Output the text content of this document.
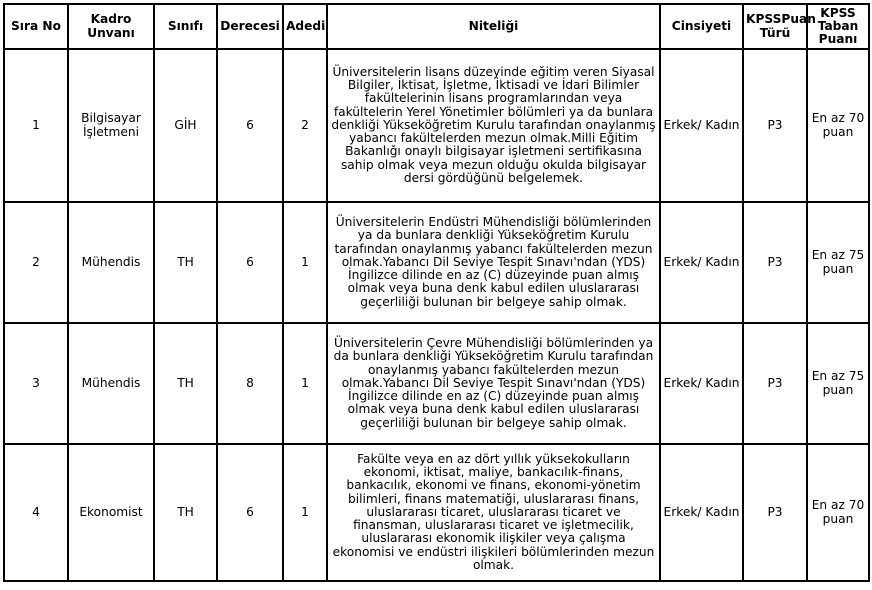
Sıra No	Kadro Unvanı	Sınıfı	Derecesi	Adedi	Niteliği	Cinsiyeti	KPSSPuan Türü	KPSS Taban Puanı
1	Bilgisayar İşletmeni	GİH	6	2	Üniversitelerin lisans düzeyinde eğitim veren Siyasal Bilgiler, İktisat, İşletme, İktisadi ve İdari Bilimler fakültelerinin lisans programlarından veya fakültelerin Yerel Yönetimler bölümleri ya da bunlara denkliği Yükseköğretim Kurulu tarafından onaylanmış yabancı fakültelerden mezun olmak.Milli Eğitim Bakanlığı onaylı bilgisayar işletmeni sertifikasına sahip olmak veya mezun olduğu okulda bilgisayar dersi gördüğünü belgelemek.	Erkek/ Kadın	P3	En az 70 puan
2	Mühendis	TH	6	1	Üniversitelerin Endüstri Mühendisliği bölümlerinden ya da bunlara denkliği Yükseköğretim Kurulu tarafından onaylanmış yabancı fakültelerden mezun olmak.Yabancı Dil Seviye Tespit Sınavı'ndan (YDS) İngilizce dilinde en az (C) düzeyinde puan almış olmak veya buna denk kabul edilen uluslararası geçerliliği bulunan bir belgeye sahip olmak.	Erkek/ Kadın	P3	En az 75 puan
3	Mühendis	TH	8	1	Üniversitelerin Çevre Mühendisliği bölümlerinden ya da bunlara denkliği Yükseköğretim Kurulu tarafından onaylanmış yabancı fakültelerden mezun olmak.Yabancı Dil Seviye Tespit Sınavı'ndan (YDS) İngilizce dilinde en az (C) düzeyinde puan almış olmak veya buna denk kabul edilen uluslararası geçerliliği bulunan bir belgeye sahip olmak.	Erkek/ Kadın	P3	En az 75 puan
4	Ekonomist	TH	6	1	Fakülte veya en az dört yıllık yüksekokulların ekonomi, iktisat, maliye, bankacılık-finans, bankacılık, ekonomi ve finans, ekonomi-yönetim bilimleri, finans matematiği, uluslararası finans, uluslararası ticaret, uluslararası ticaret ve finansman, uluslararası ticaret ve işletmecilik, uluslararası ekonomik ilişkiler veya çalışma ekonomisi ve endüstri ilişkileri bölümlerinden mezun olmak.	Erkek/ Kadın	P3	En az 70 puan
